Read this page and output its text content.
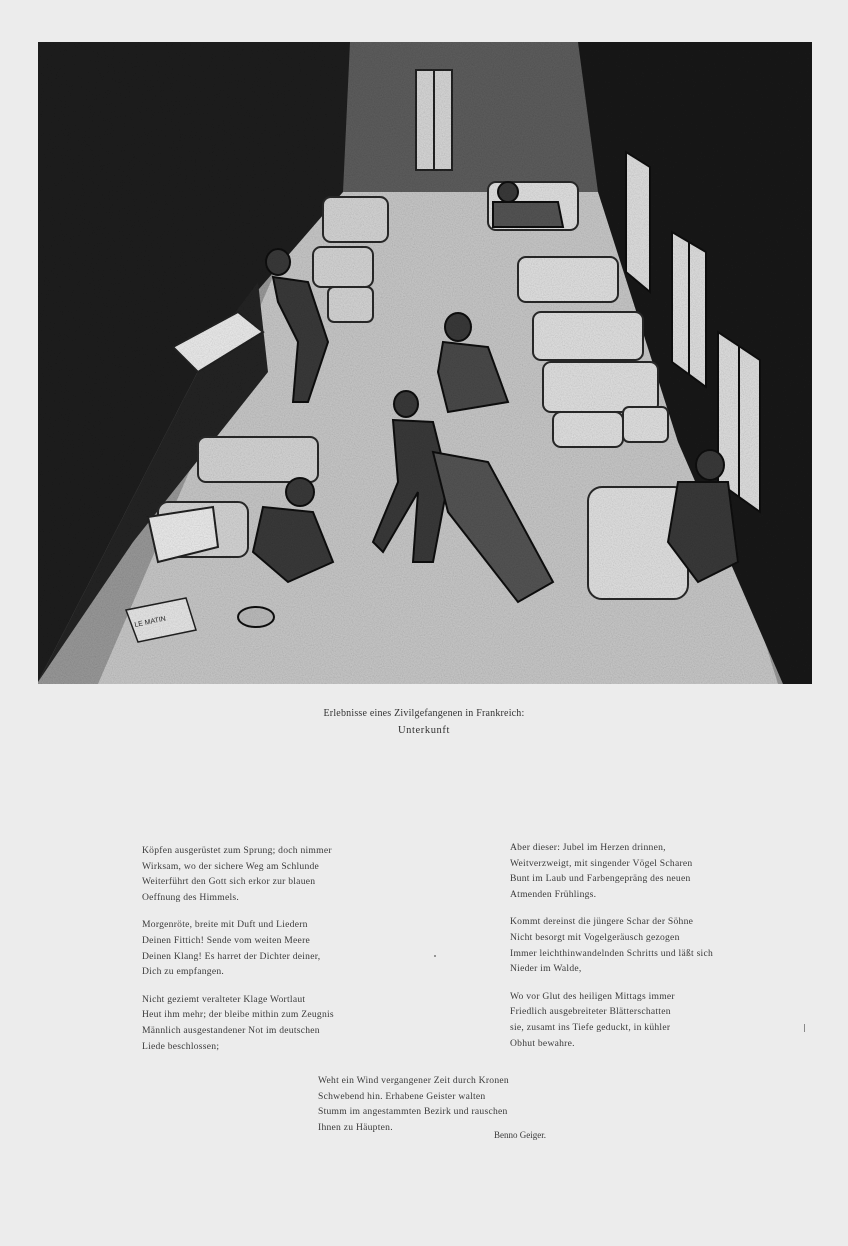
LE MATIN
Erlebnisse eines Zivilgefangenen in Frankreich:
Unterkunft
Köpfen ausgerüstet zum Sprung; doch nimmer
Wirksam, wo der sichere Weg am Schlunde
Weiterführt den Gott sich erkor zur blauen
Oeffnung des Himmels.
Morgenröte, breite mit Duft und Liedern
Deinen Fittich! Sende vom weiten Meere
Deinen Klang! Es harret der Dichter deiner,
Dich zu empfangen.
Nicht geziemt veralteter Klage Wortlaut
Heut ihm mehr; der bleibe mithin zum Zeugnis
Männlich ausgestandener Not im deutschen
Liede beschlossen;
Aber dieser: Jubel im Herzen drinnen,
Weitverzweigt, mit singender Vögel Scharen
Bunt im Laub und Farbengepräng des neuen
Atmenden Frühlings.
Kommt dereinst die jüngere Schar der Söhne
Nicht besorgt mit Vogelgeräusch gezogen
Immer leichthinwandelnden Schritts und läßt sich
Nieder im Walde,
Wo vor Glut des heiligen Mittags immer
Friedlich ausgebreiteter Blätterschatten
sie, zusamt ins Tiefe geduckt, in kühler
Obhut bewahre.
Weht ein Wind vergangener Zeit durch Kronen
Schwebend hin. Erhabene Geister walten
Stumm im angestammten Bezirk und rauschen
Ihnen zu Häupten.
Benno Geiger.
